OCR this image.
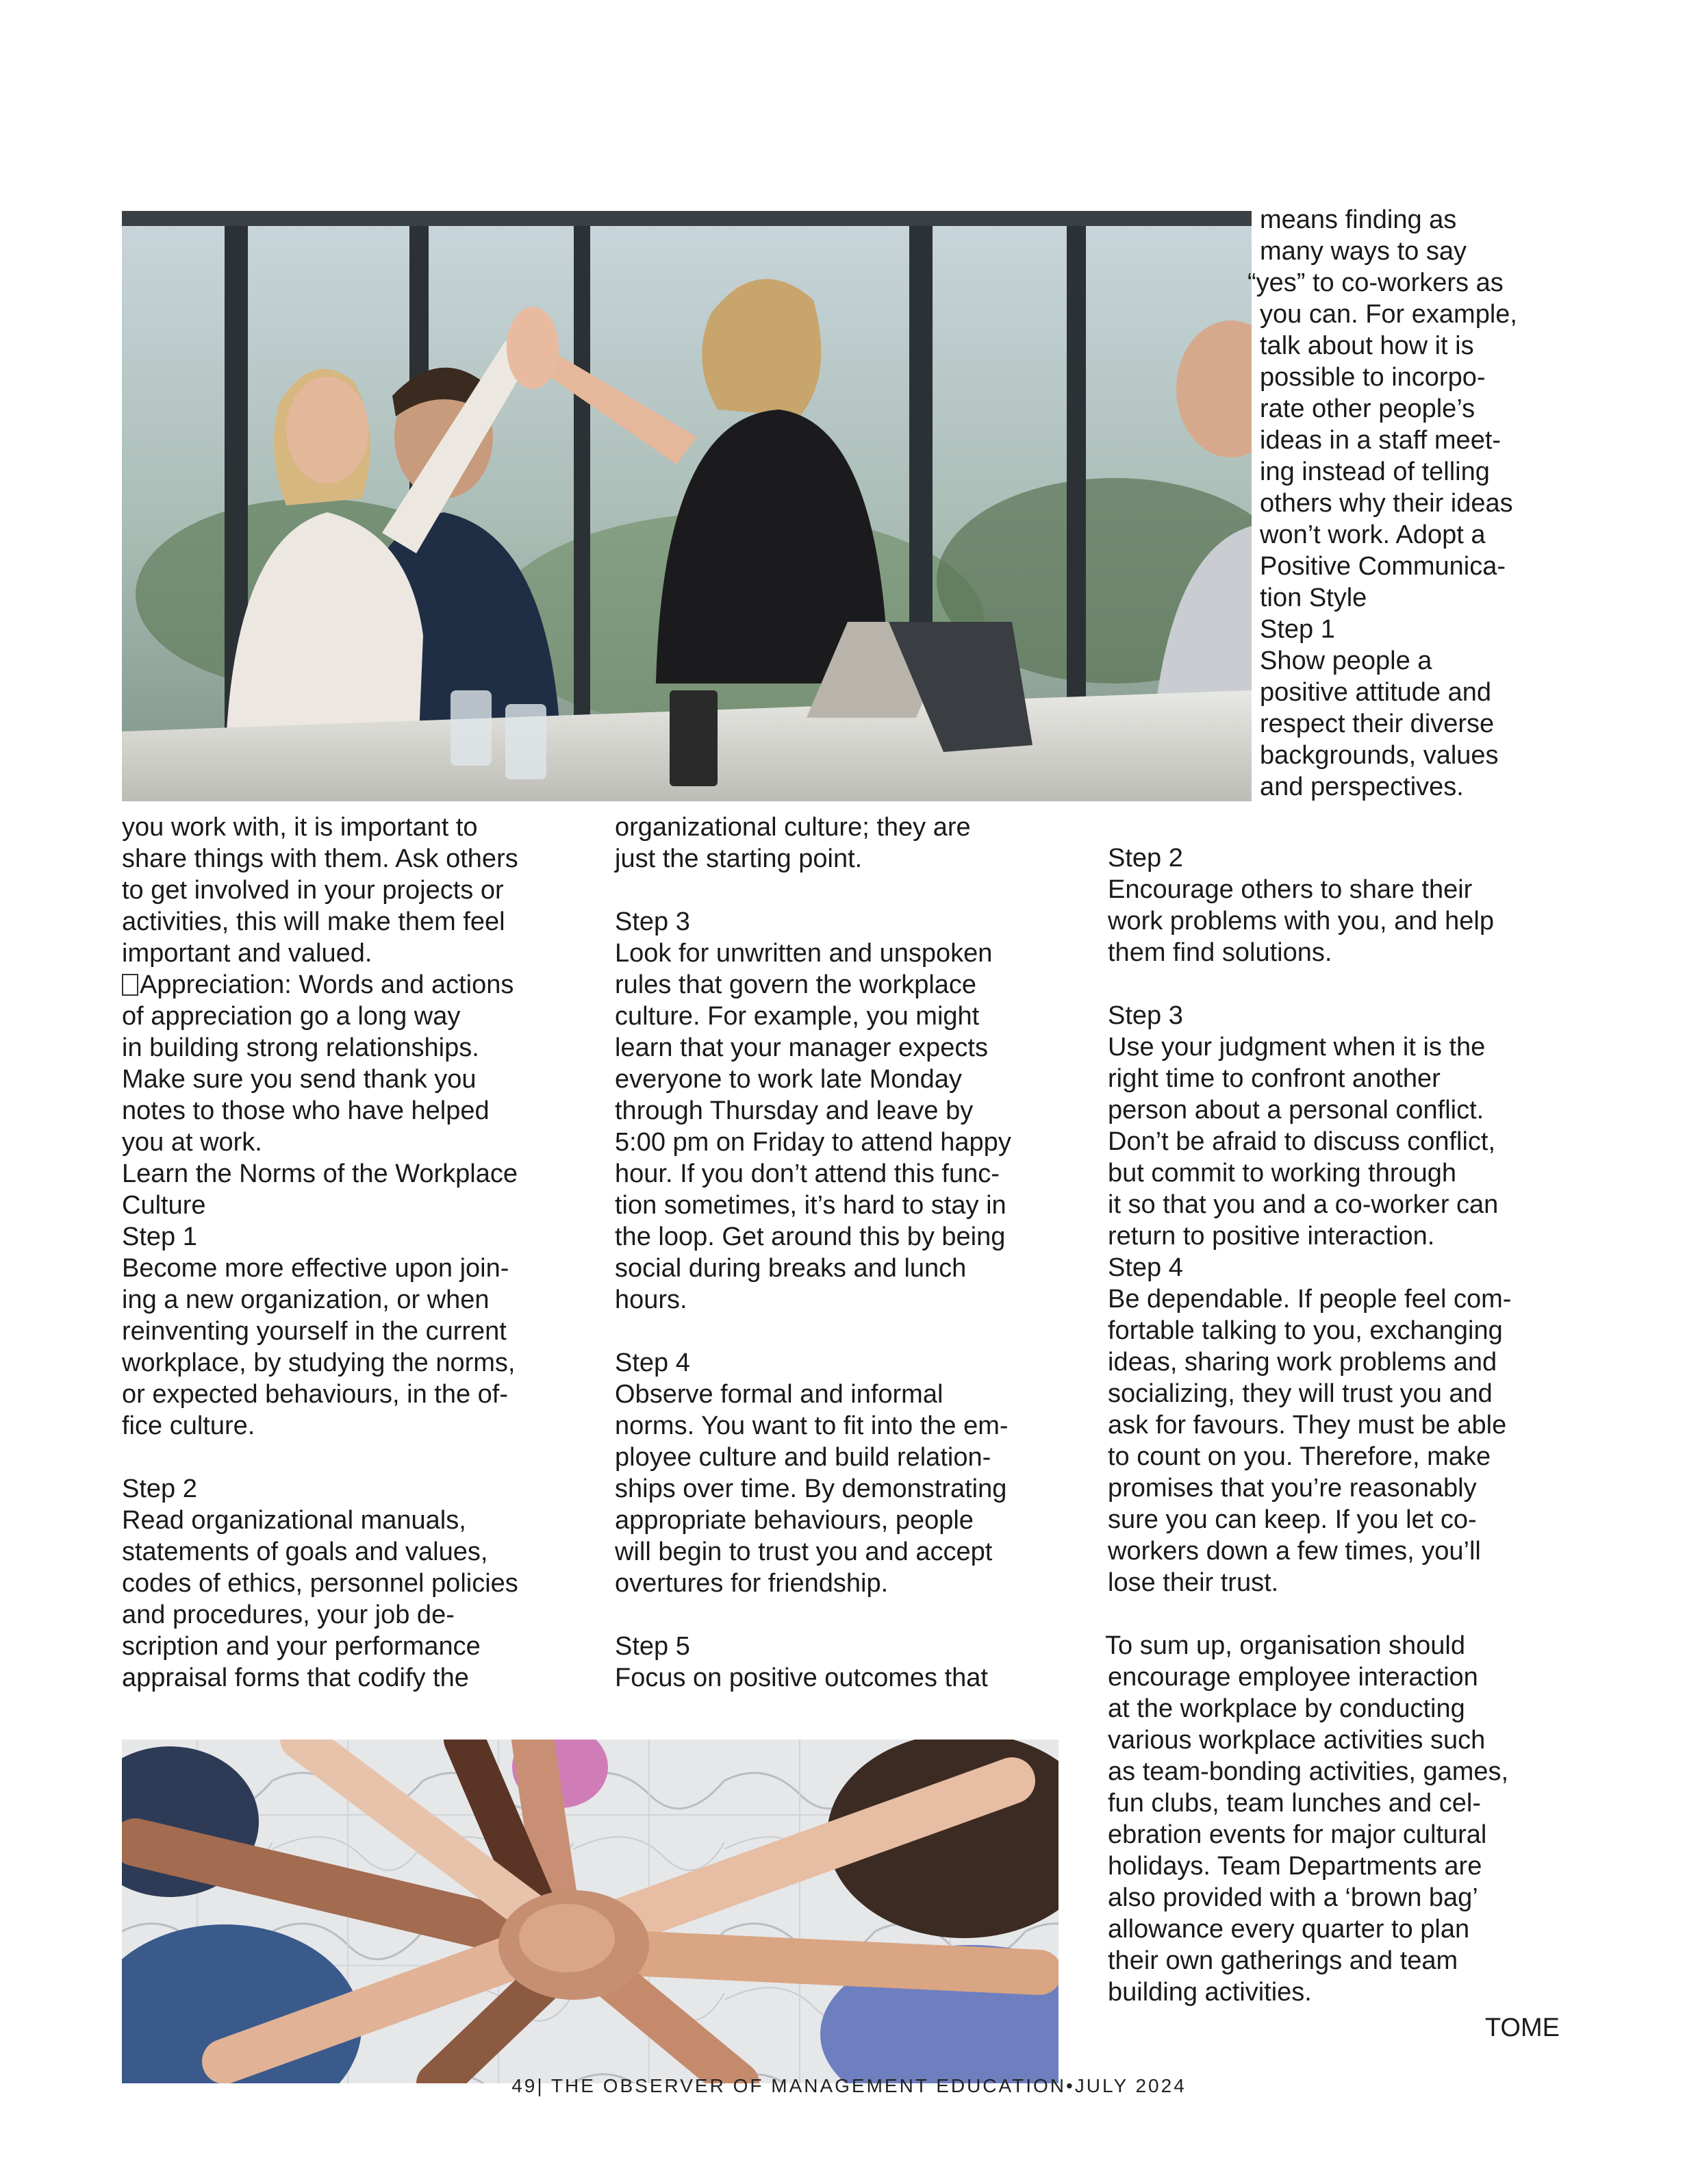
means finding as

many ways to say

“yes” to co-workers as

you can. For example,

talk about how it is

possible to incorpo-

rate other people’s

ideas in a staff meet-

ing instead of telling

others why their ideas

won’t work. Adopt a

Positive Communica-

tion Style

Step 1

Show people a

positive attitude and

respect their diverse

backgrounds, values

and perspectives.

you work with, it is important to

share things with them. Ask others

to get involved in your projects or

activities, this will make them feel

important and valued.

Appreciation: Words and actions

of appreciation go a long way

in building strong relationships.

Make sure you send thank you

notes to those who have helped

you at work.

Learn the Norms of the Workplace

Culture

Step 1

Become more effective upon join-

ing a new organization, or when

reinventing yourself in the current

workplace, by studying the norms,

or expected behaviours, in the of-

fice culture.

Step 2

Read organizational manuals,

statements of goals and values,

codes of ethics, personnel policies

and procedures, your job de-

scription and your performance

appraisal forms that codify the

organizational culture; they are

just the starting point.

Step 3

Look for unwritten and unspoken

rules that govern the workplace

culture. For example, you might

learn that your manager expects

everyone to work late Monday

through Thursday and leave by

5:00 pm on Friday to attend happy

hour. If you don’t attend this func-

tion sometimes, it’s hard to stay in

the loop. Get around this by being

social during breaks and lunch

hours.

Step 4

Observe formal and informal

norms. You want to fit into the em-

ployee culture and build relation-

ships over time. By demonstrating

appropriate behaviours, people

will begin to trust you and accept

overtures for friendship.

Step 5

Focus on positive outcomes that

Step 2

Encourage others to share their

work problems with you, and help

them find solutions.

Step 3

Use your judgment when it is the

right time to confront another

person about a personal conflict.

Don’t be afraid to discuss conflict,

but commit to working through

it so that you and a co-worker can

return to positive interaction.

Step 4

Be dependable. If people feel com-

fortable talking to you, exchanging

ideas, sharing work problems and

socializing, they will trust you and

ask for favours. They must be able

to count on you. Therefore, make

promises that you’re reasonably

sure you can keep. If you let co-

workers down a few times, you’ll

lose their trust.

To sum up, organisation should

encourage employee interaction

at the workplace by conducting

various workplace activities such

as team-bonding activities, games,

fun clubs, team lunches and cel-

ebration events for major cultural

holidays. Team Departments are

also provided with a ‘brown bag’

allowance every quarter to plan

their own gatherings and team

building activities.

TOME

49| THE OBSERVER OF MANAGEMENT EDUCATION•JULY 2024
